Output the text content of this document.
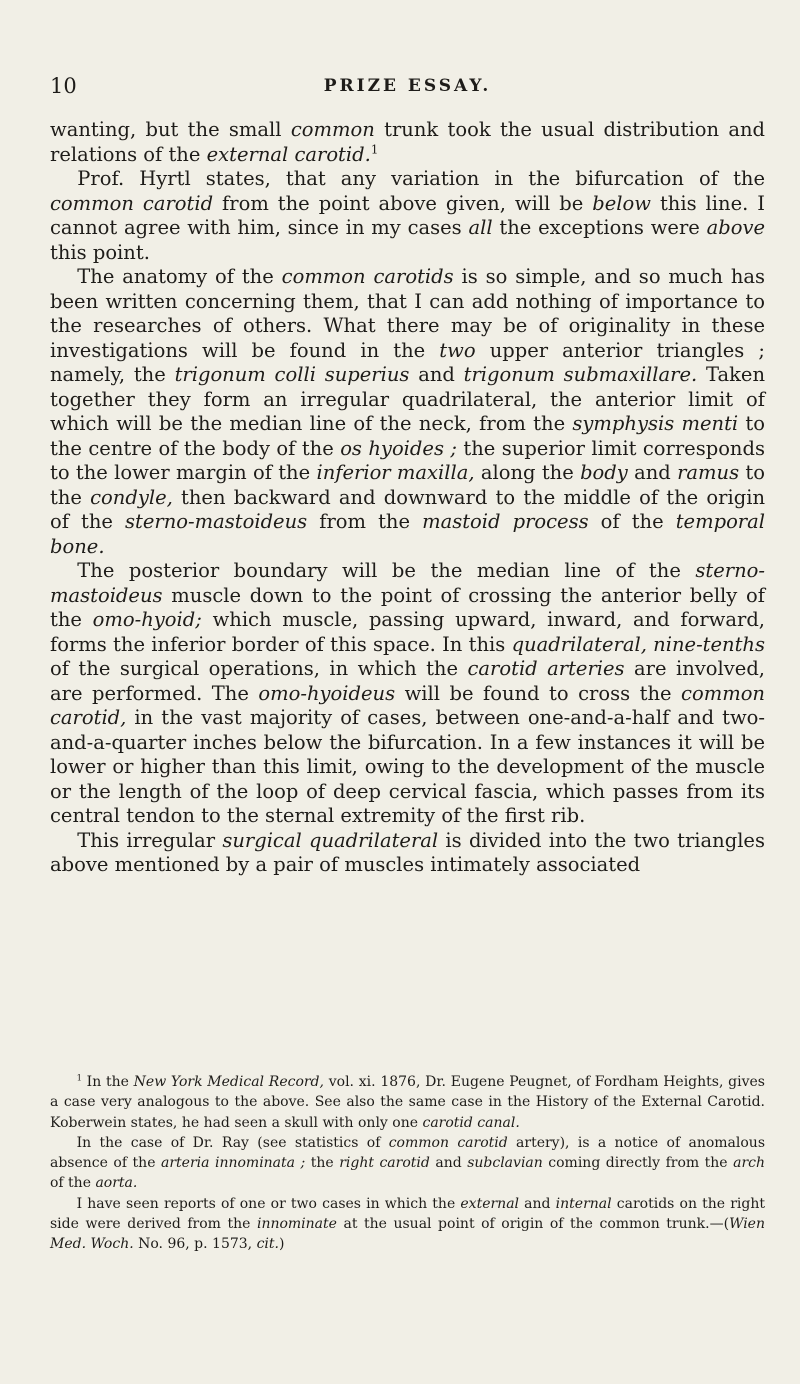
10	PRIZE ESSAY.

wanting, but the small common trunk took the usual distribution and relations of the external carotid.$^1$

Prof. Hyrtl states, that any variation in the bifurcation of the common carotid from the point above given, will be below this line. I cannot agree with him, since in my cases all the exceptions were above this point.

The anatomy of the common carotids is so simple, and so much has been written concerning them, that I can add nothing of importance to the researches of others. What there may be of originality in these investigations will be found in the two upper anterior triangles ; namely, the trigonum colli superius and trigonum submaxillare. Taken together they form an irregular quadrilateral, the anterior limit of which will be the median line of the neck, from the symphysis menti to the centre of the body of the os hyoides ; the superior limit corresponds to the lower margin of the inferior maxilla, along the body and ramus to the condyle, then backward and downward to the middle of the origin of the sterno-mastoideus from the mastoid process of the temporal bone.

The posterior boundary will be the median line of the sterno-mastoideus muscle down to the point of crossing the anterior belly of the omo-hyoid; which muscle, passing upward, inward, and forward, forms the inferior border of this space. In this quadrilateral, nine-tenths of the surgical operations, in which the carotid arteries are involved, are performed. The omo-hyoideus will be found to cross the common carotid, in the vast majority of cases, between one-and-a-half and two-and-a-quarter inches below the bifurcation. In a few instances it will be lower or higher than this limit, owing to the development of the muscle or the length of the loop of deep cervical fascia, which passes from its central tendon to the sternal extremity of the first rib.

This irregular surgical quadrilateral is divided into the two triangles above mentioned by a pair of muscles intimately associated

$^1$ In the New York Medical Record, vol. xi. 1876, Dr. Eugene Peugnet, of Fordham Heights, gives a case very analogous to the above. See also the same case in the History of the External Carotid. Koberwein states, he had seen a skull with only one carotid canal.

In the case of Dr. Ray (see statistics of common carotid artery), is a notice of anomalous absence of the arteria innominata ; the right carotid and subclavian coming directly from the arch of the aorta.

I have seen reports of one or two cases in which the external and internal carotids on the right side were derived from the innominate at the usual point of origin of the common trunk.—(Wien Med. Woch. No. 96, p. 1573, cit.)
